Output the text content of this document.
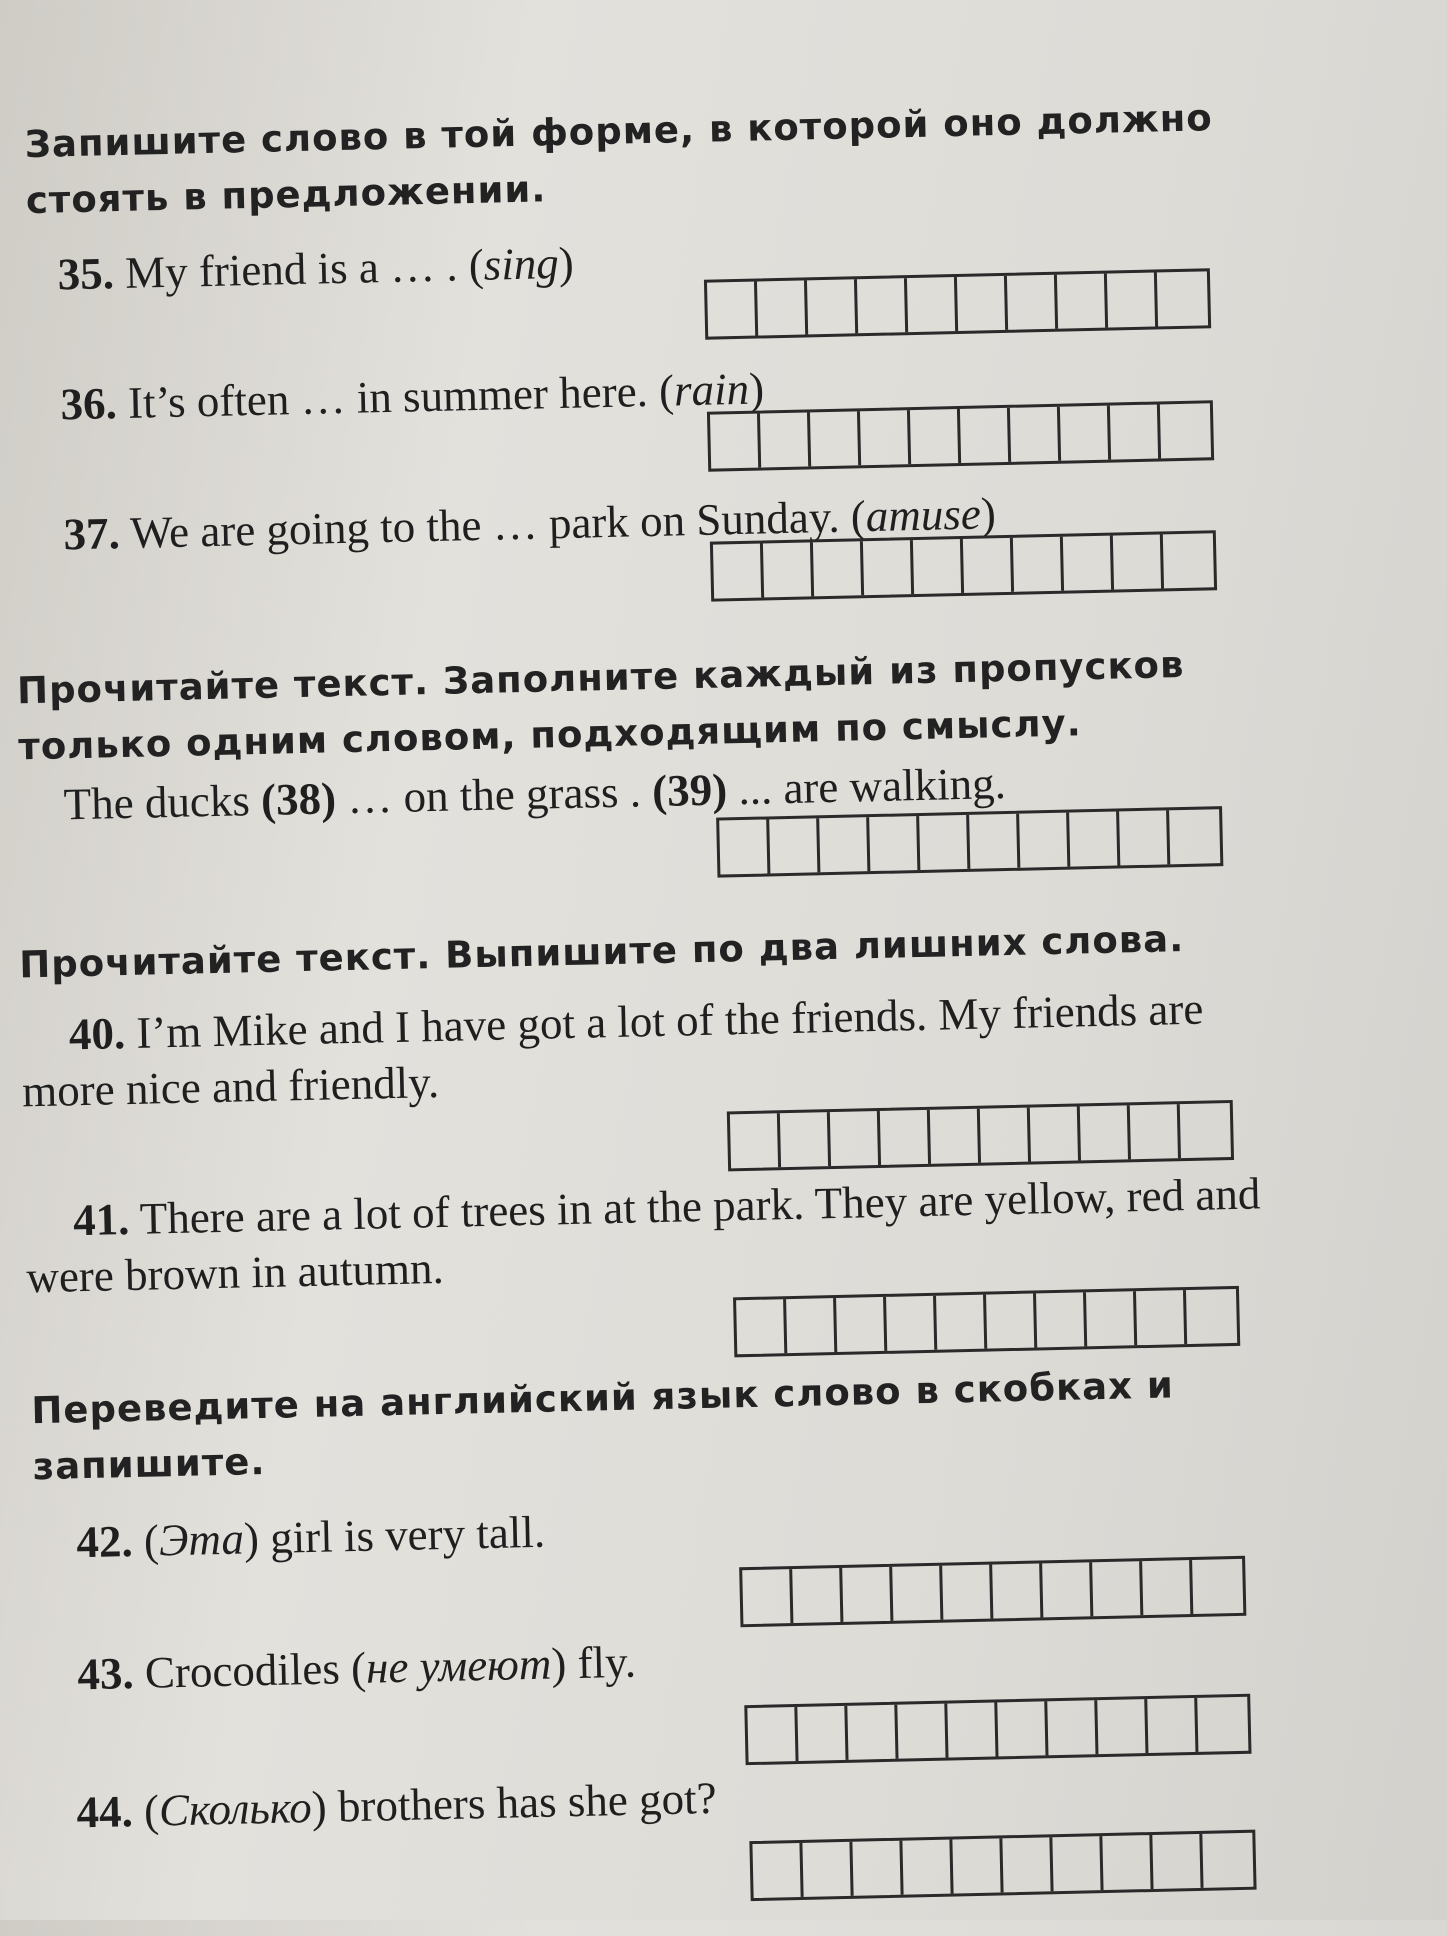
Запишите слово в той форме, в которой оно должно стоять в предложении.

35. My friend is a … . (sing)

36. It’s often … in summer here. (rain)

37. We are going to the … park on Sunday. (amuse)

Прочитайте текст. Заполните каждый из пропусков только одним словом, подходящим по смыслу.

The ducks (38) … on the grass . (39) ... are walking.

Прочитайте текст. Выпишите по два лишних слова.

40. I’m Mike and I have got a lot of the friends. My friends are more nice and friendly.

41. There are a lot of trees in at the park. They are yellow, red and were brown in autumn.

Переведите на английский язык слово в скобках и запишите.

42. (Эта) girl is very tall.

43. Crocodiles (не умеют) fly.

44. (Сколько) brothers has she got?
